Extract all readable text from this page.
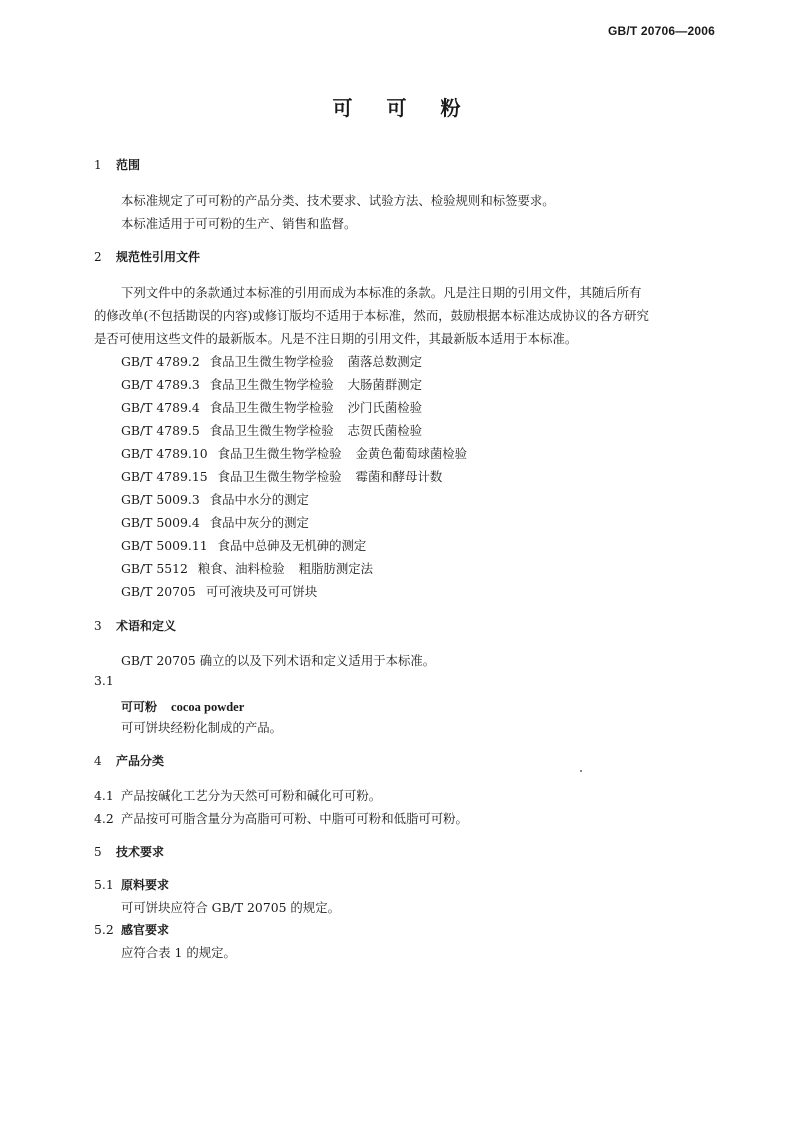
GB/T 20706—2006
可可粉
1 范围
本标准规定了可可粉的产品分类、技术要求、试验方法、检验规则和标签要求。
本标准适用于可可粉的生产、销售和监督。
2 规范性引用文件
下列文件中的条款通过本标准的引用而成为本标准的条款。凡是注日期的引用文件，其随后所有
的修改单(不包括勘误的内容)或修订版均不适用于本标准，然而，鼓励根据本标准达成协议的各方研究
是否可使用这些文件的最新版本。凡是不注日期的引用文件，其最新版本适用于本标准。
GB/T 4789.2 食品卫生微生物学检验 菌落总数测定
GB/T 4789.3 食品卫生微生物学检验 大肠菌群测定
GB/T 4789.4 食品卫生微生物学检验 沙门氏菌检验
GB/T 4789.5 食品卫生微生物学检验 志贺氏菌检验
GB/T 4789.10 食品卫生微生物学检验 金黄色葡萄球菌检验
GB/T 4789.15 食品卫生微生物学检验 霉菌和酵母计数
GB/T 5009.3 食品中水分的测定
GB/T 5009.4 食品中灰分的测定
GB/T 5009.11 食品中总砷及无机砷的测定
GB/T 5512 粮食、油料检验 粗脂肪测定法
GB/T 20705 可可液块及可可饼块
3 术语和定义
GB/T 20705 确立的以及下列术语和定义适用于本标准。
3.1
可可粉 cocoa powder
可可饼块经粉化制成的产品。
4 产品分类
4.1 产品按碱化工艺分为天然可可粉和碱化可可粉。
4.2 产品按可可脂含量分为高脂可可粉、中脂可可粉和低脂可可粉。
5 技术要求
5.1 原料要求
可可饼块应符合 GB/T 20705 的规定。
5.2 感官要求
应符合表 1 的规定。
